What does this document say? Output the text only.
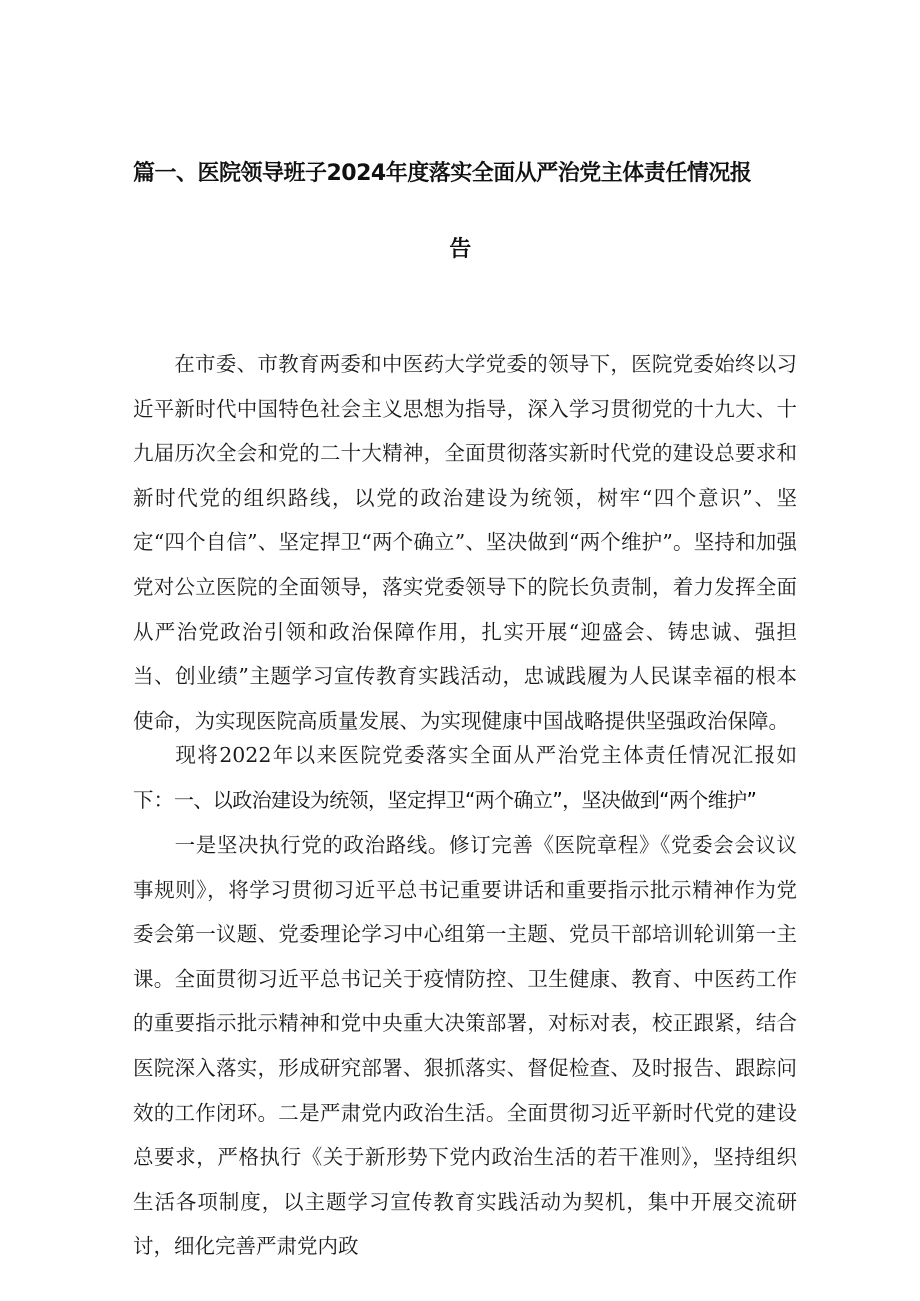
篇一、医院领导班子2024年度落实全面从严治党主体责任情况报
告
在市委、市教育两委和中医药大学党委的领导下，医院党委始终以习近平新时代中国特色社会主义思想为指导，深入学习贯彻党的十九大、十九届历次全会和党的二十大精神，全面贯彻落实新时代党的建设总要求和新时代党的组织路线，以党的政治建设为统领，树牢“四个意识”、坚定“四个自信”、坚定捍卫“两个确立”、坚决做到“两个维护”。坚持和加强党对公立医院的全面领导，落实党委领导下的院长负责制，着力发挥全面从严治党政治引领和政治保障作用，扎实开展“迎盛会、铸忠诚、强担当、创业绩”主题学习宣传教育实践活动，忠诚践履为人民谋幸福的根本使命，为实现医院高质量发展、为实现健康中国战略提供坚强政治保障。
现将2022年以来医院党委落实全面从严治党主体责任情况汇报如下： 一、以政治建设为统领，坚定捍卫“两个确立”，坚决做到“两个维护”
一是坚决执行党的政治路线。修订完善《医院章程》《党委会会议议事规则》，将学习贯彻习近平总书记重要讲话和重要指示批示精神作为党委会第一议题、党委理论学习中心组第一主题、党员干部培训轮训第一主课。全面贯彻习近平总书记关于疫情防控、卫生健康、教育、中医药工作的重要指示批示精神和党中央重大决策部署，对标对表，校正跟紧，结合医院深入落实，形成研究部署、狠抓落实、督促检查、及时报告、跟踪问效的工作闭环。二是严肃党内政治生活。全面贯彻习近平新时代党的建设总要求，严格执行《关于新形势下党内政治生活的若干准则》，坚持组织生活各项制度，以主题学习宣传教育实践活动为契机，集中开展交流研讨，细化完善严肃党内政
